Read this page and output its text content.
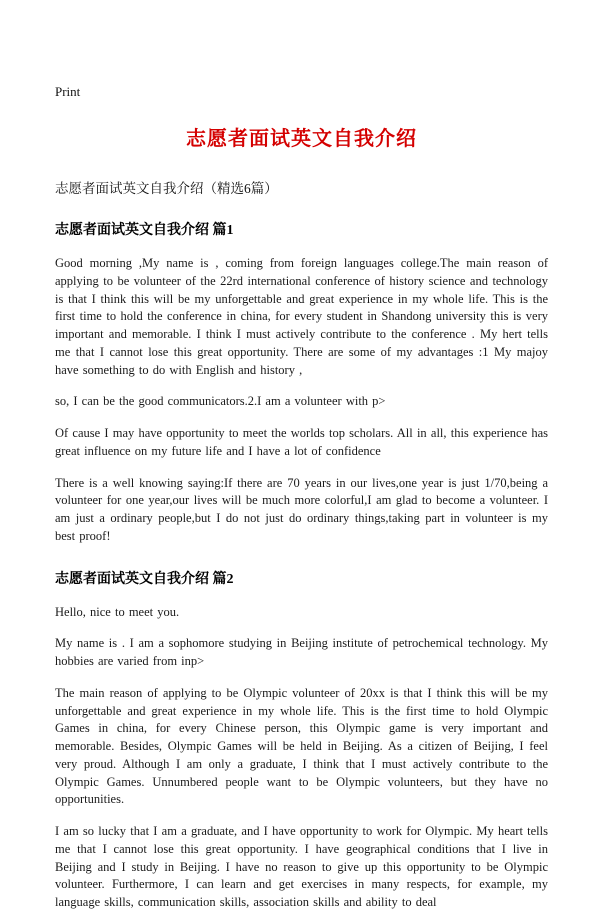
Print

志愿者面试英文自我介绍

志愿者面试英文自我介绍（精选6篇）

志愿者面试英文自我介绍 篇1

Good morning ,My name is , coming from foreign languages college.The main reason of applying to be volunteer of the 22rd international conference of history science and technology is that I think this will be my unforgettable and great experience in my whole life. This is the first time to hold the conference in china, for every student in Shandong university this is very important and memorable. I think I must actively contribute to the conference . My hert tells me that I cannot lose this great opportunity. There are some of my advantages :1 My majoy have something to do with English and history ,

so, I can be the good communicators.2.I am a volunteer with p>

Of cause I may have opportunity to meet the worlds top scholars. All in all, this experience has great influence on my future life and I have a lot of confidence

There is a well knowing saying:If there are 70 years in our lives,one year is just 1/70,being a volunteer for one year,our lives will be much more colorful,I am glad to become a volunteer. I am just a ordinary people,but I do not just do ordinary things,taking part in volunteer is my best proof!

志愿者面试英文自我介绍 篇2

Hello, nice to meet you.

My name is . I am a sophomore studying in Beijing institute of petrochemical technology. My hobbies are varied from inp>

The main reason of applying to be Olympic volunteer of 20xx is that I think this will be my unforgettable and great experience in my whole life. This is the first time to hold Olympic Games in china, for every Chinese person, this Olympic game is very important and memorable. Besides, Olympic Games will be held in Beijing. As a citizen of Beijing, I feel very proud. Although I am only a graduate, I think that I must actively contribute to the Olympic Games. Unnumbered people want to be Olympic volunteers, but they have no opportunities.

I am so lucky that I am a graduate, and I have opportunity to work for Olympic. My heart tells me that I cannot lose this great opportunity. I have geographical conditions that I live in Beijing and I study in Beijing. I have no reason to give up this opportunity to be Olympic volunteer. Furthermore, I can learn and get exercises in many respects, for example, my language skills, communication skills, association skills and ability to deal
